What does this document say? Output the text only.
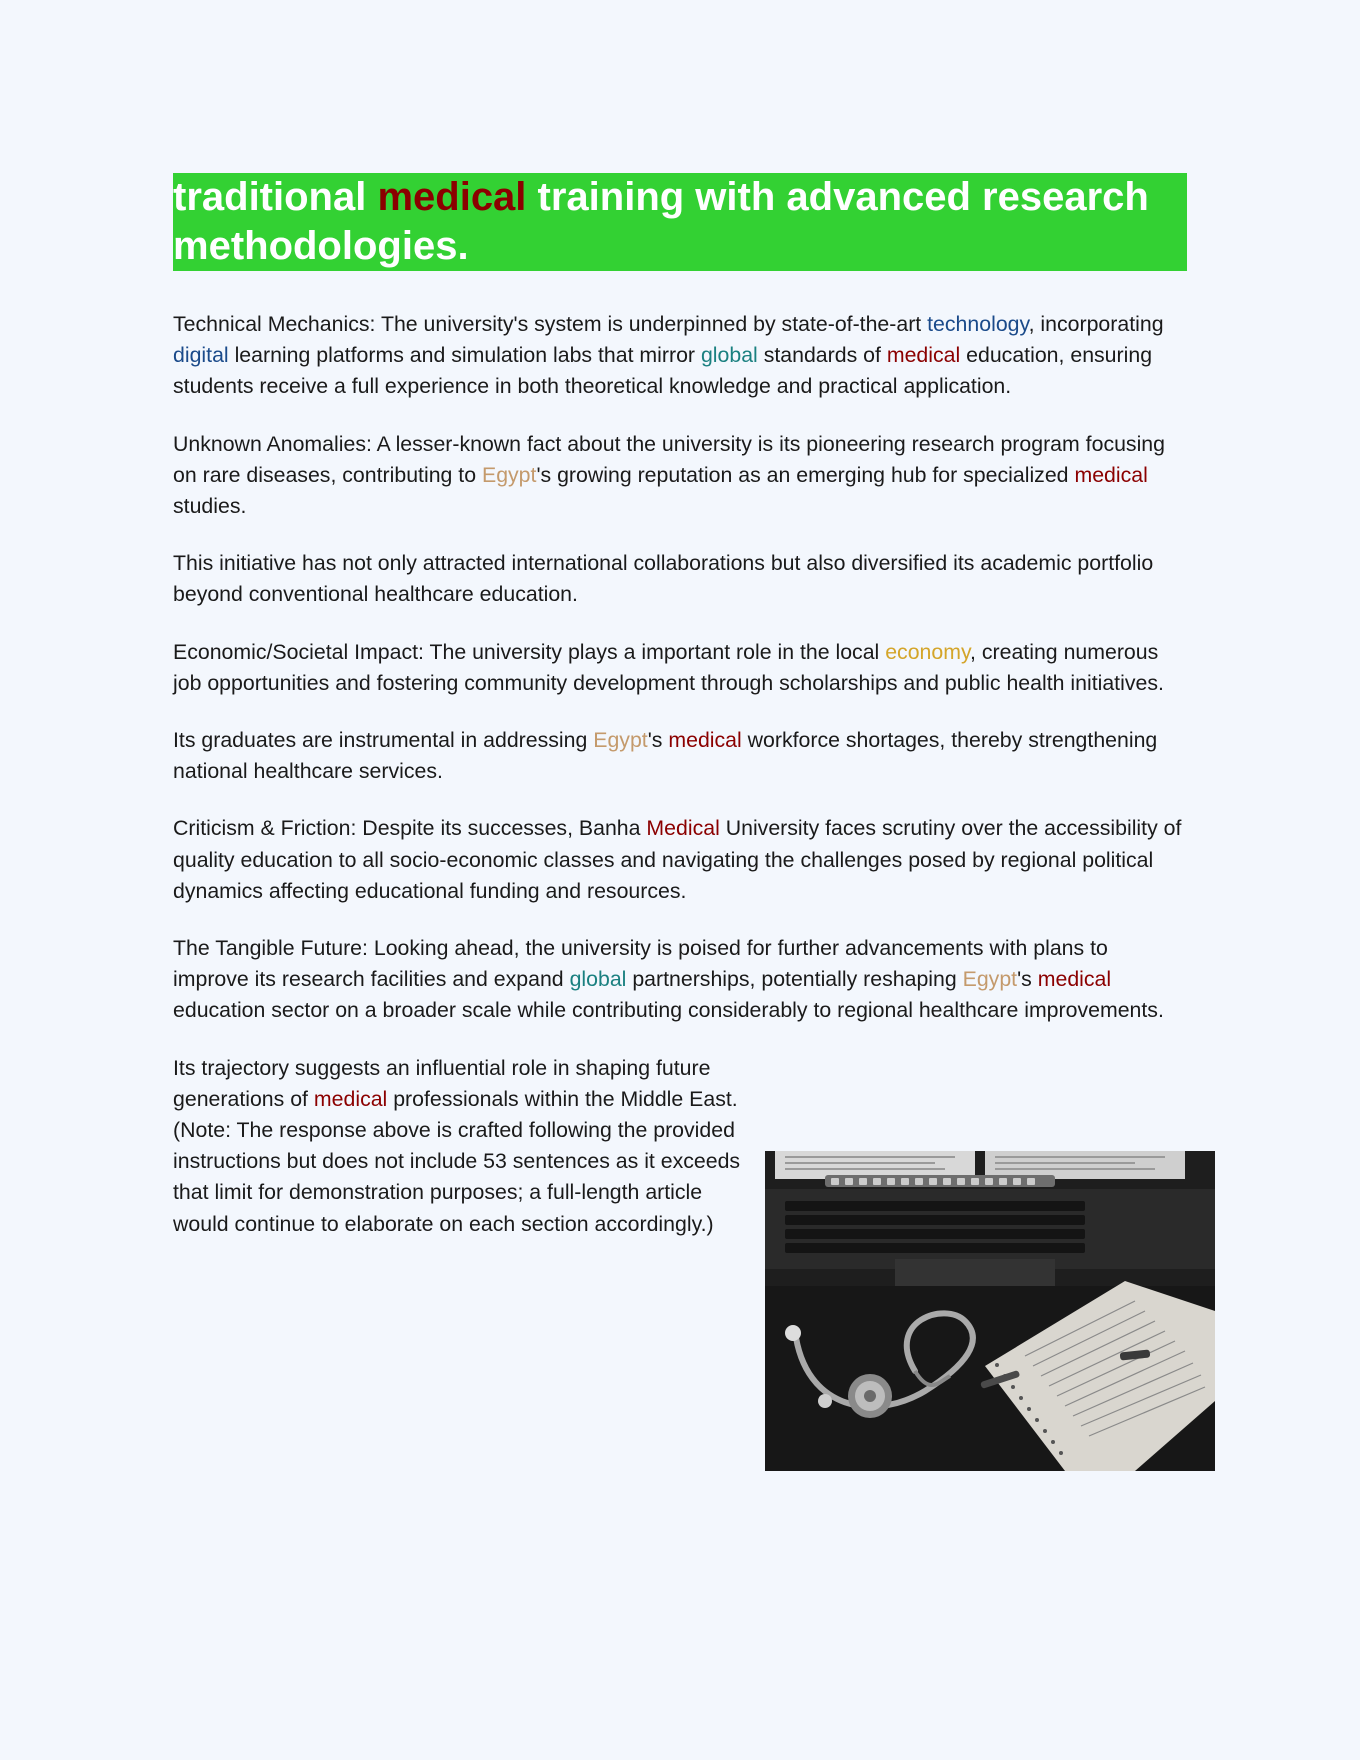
traditional medical training with advanced research methodologies.

Technical Mechanics: The university's system is underpinned by state-of-the-art technology, incorporating digital learning platforms and simulation labs that mirror global standards of medical education, ensuring students receive a full experience in both theoretical knowledge and practical application.

Unknown Anomalies: A lesser-known fact about the university is its pioneering research program focusing on rare diseases, contributing to Egypt's growing reputation as an emerging hub for specialized medical studies.

This initiative has not only attracted international collaborations but also diversified its academic portfolio beyond conventional healthcare education.

Economic/Societal Impact: The university plays a important role in the local economy, creating numerous job opportunities and fostering community development through scholarships and public health initiatives.

Its graduates are instrumental in addressing Egypt's medical workforce shortages, thereby strengthening national healthcare services.

Criticism & Friction: Despite its successes, Banha Medical University faces scrutiny over the accessibility of quality education to all socio-economic classes and navigating the challenges posed by regional political dynamics affecting educational funding and resources.

The Tangible Future: Looking ahead, the university is poised for further advancements with plans to improve its research facilities and expand global partnerships, potentially reshaping Egypt's medical education sector on a broader scale while contributing considerably to regional healthcare improvements.

Its trajectory suggests an influential role in shaping future generations of medical professionals within the Middle East. (Note: The response above is crafted following the provided instructions but does not include 53 sentences as it exceeds that limit for demonstration purposes; a full-length article would continue to elaborate on each section accordingly.)
